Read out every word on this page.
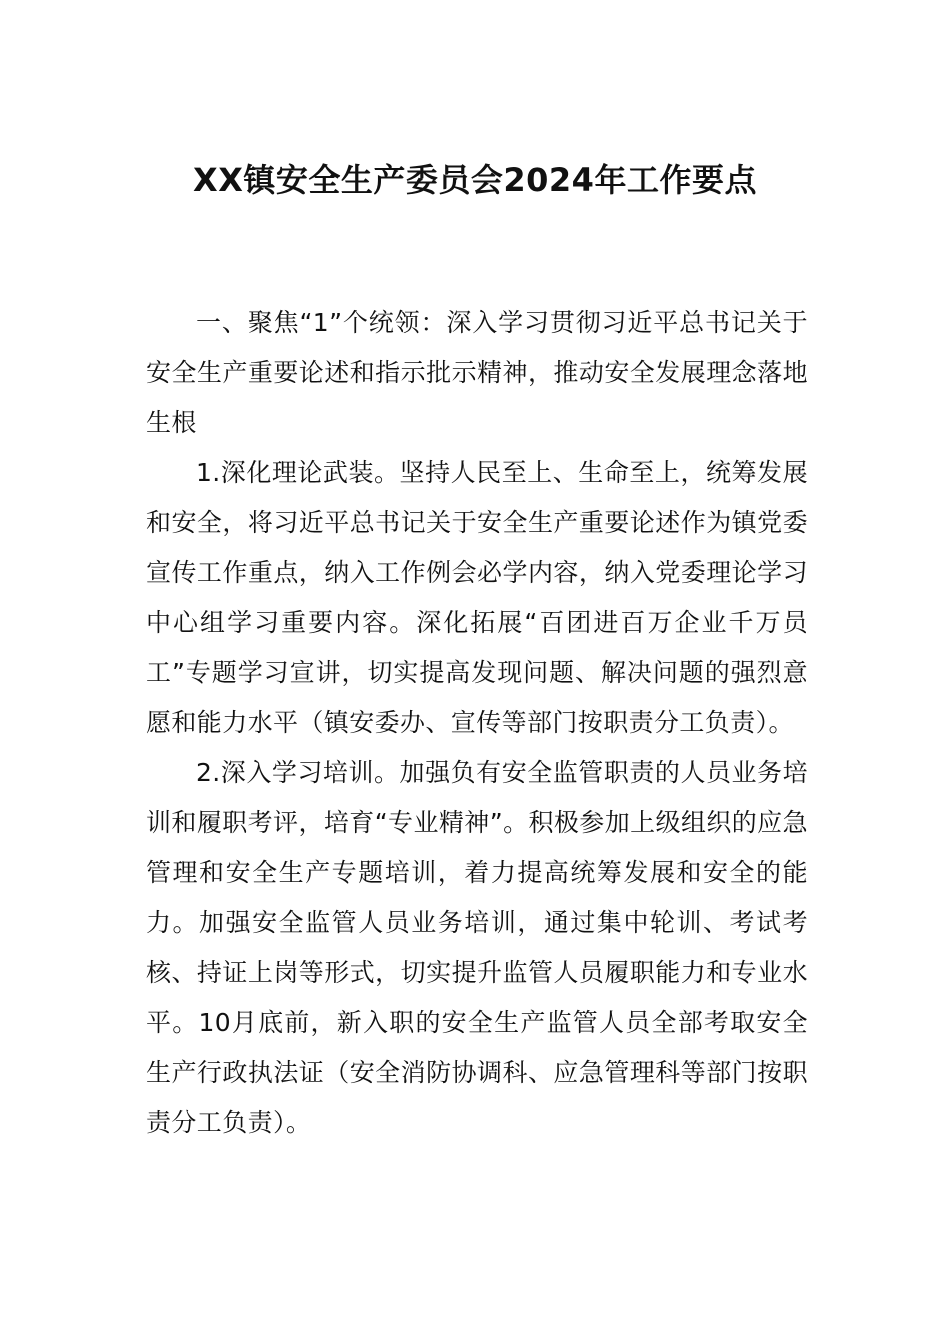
XX镇安全生产委员会2024年工作要点

一、聚焦“1”个统领：深入学习贯彻习近平总书记关于安全生产重要论述和指示批示精神，推动安全发展理念落地生根

1.深化理论武装。坚持人民至上、生命至上，统筹发展和安全，将习近平总书记关于安全生产重要论述作为镇党委宣传工作重点，纳入工作例会必学内容，纳入党委理论学习中心组学习重要内容。深化拓展“百团进百万企业千万员工”专题学习宣讲，切实提高发现问题、解决问题的强烈意愿和能力水平（镇安委办、宣传等部门按职责分工负责）。

2.深入学习培训。加强负有安全监管职责的人员业务培训和履职考评，培育“专业精神”。积极参加上级组织的应急管理和安全生产专题培训，着力提高统筹发展和安全的能力。加强安全监管人员业务培训，通过集中轮训、考试考核、持证上岗等形式，切实提升监管人员履职能力和专业水平。10月底前，新入职的安全生产监管人员全部考取安全生产行政执法证（安全消防协调科、应急管理科等部门按职责分工负责）。
